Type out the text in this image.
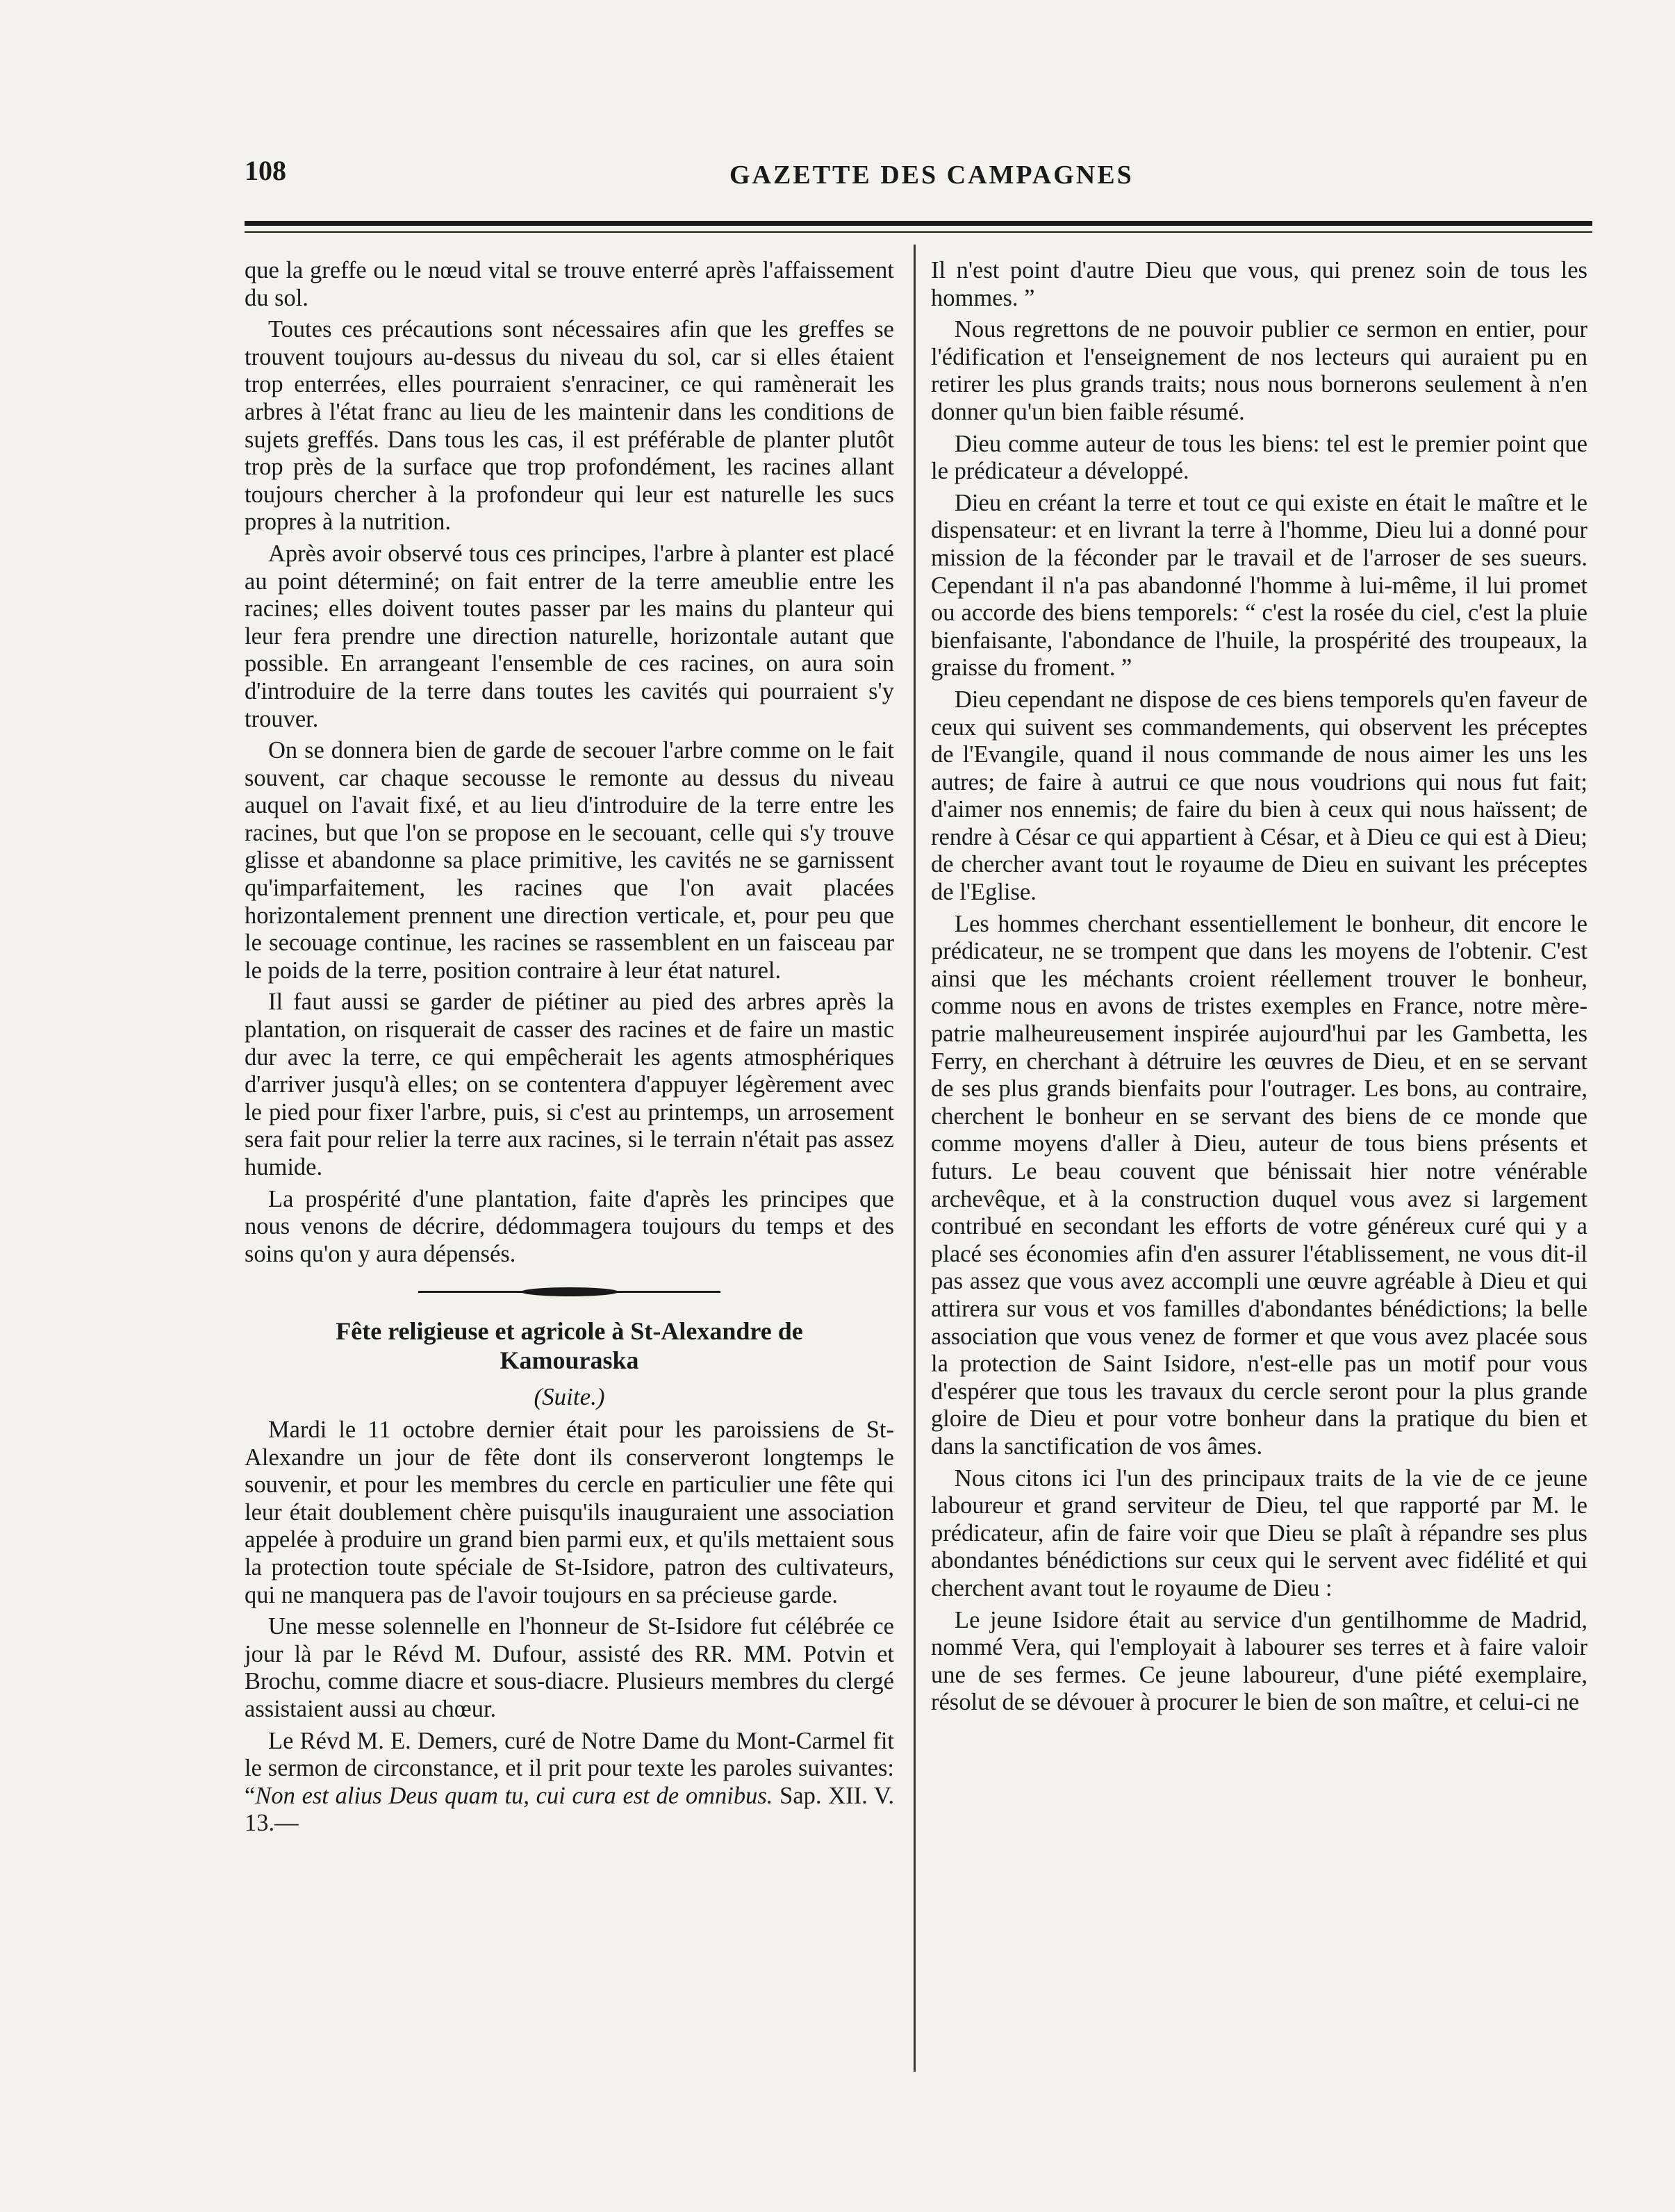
108	GAZETTE DES CAMPAGNES

que la greffe ou le nœud vital se trouve enterré après l'affaissement du sol.

Toutes ces précautions sont nécessaires afin que les greffes se trouvent toujours au-dessus du niveau du sol, car si elles étaient trop enterrées, elles pourraient s'enraciner, ce qui ramènerait les arbres à l'état franc au lieu de les maintenir dans les conditions de sujets greffés. Dans tous les cas, il est préférable de planter plutôt trop près de la surface que trop profondément, les racines allant toujours chercher à la profondeur qui leur est naturelle les sucs propres à la nutrition.

Après avoir observé tous ces principes, l'arbre à planter est placé au point déterminé; on fait entrer de la terre ameublie entre les racines; elles doivent toutes passer par les mains du planteur qui leur fera prendre une direction naturelle, horizontale autant que possible. En arrangeant l'ensemble de ces racines, on aura soin d'introduire de la terre dans toutes les cavités qui pourraient s'y trouver.

On se donnera bien de garde de secouer l'arbre comme on le fait souvent, car chaque secousse le remonte au dessus du niveau auquel on l'avait fixé, et au lieu d'introduire de la terre entre les racines, but que l'on se propose en le secouant, celle qui s'y trouve glisse et abandonne sa place primitive, les cavités ne se garnissent qu'imparfaitement, les racines que l'on avait placées horizontalement prennent une direction verticale, et, pour peu que le secouage continue, les racines se rassemblent en un faisceau par le poids de la terre, position contraire à leur état naturel.

Il faut aussi se garder de piétiner au pied des arbres après la plantation, on risquerait de casser des racines et de faire un mastic dur avec la terre, ce qui empêcherait les agents atmosphériques d'arriver jusqu'à elles; on se contentera d'appuyer légèrement avec le pied pour fixer l'arbre, puis, si c'est au printemps, un arrosement sera fait pour relier la terre aux racines, si le terrain n'était pas assez humide.

La prospérité d'une plantation, faite d'après les principes que nous venons de décrire, dédommagera toujours du temps et des soins qu'on y aura dépensés.

Fête religieuse et agricole à St-Alexandre de Kamouraska
(Suite.)

Mardi le 11 octobre dernier était pour les paroissiens de St-Alexandre un jour de fête dont ils conserveront longtemps le souvenir, et pour les membres du cercle en particulier une fête qui leur était doublement chère puisqu'ils inauguraient une association appelée à produire un grand bien parmi eux, et qu'ils mettaient sous la protection toute spéciale de St-Isidore, patron des cultivateurs, qui ne manquera pas de l'avoir toujours en sa précieuse garde.

Une messe solennelle en l'honneur de St-Isidore fut célébrée ce jour là par le Révd M. Dufour, assisté des RR. MM. Potvin et Brochu, comme diacre et sous-diacre. Plusieurs membres du clergé assistaient aussi au chœur.

Le Révd M. E. Demers, curé de Notre Dame du Mont-Carmel fit le sermon de circonstance, et il prit pour texte les paroles suivantes: “Non est alius Deus quam tu, cui cura est de omnibus. Sap. XII. V. 13.—

Il n'est point d'autre Dieu que vous, qui prenez soin de tous les hommes. ”

Nous regrettons de ne pouvoir publier ce sermon en entier, pour l'édification et l'enseignement de nos lecteurs qui auraient pu en retirer les plus grands traits; nous nous bornerons seulement à n'en donner qu'un bien faible résumé.

Dieu comme auteur de tous les biens: tel est le premier point que le prédicateur a développé.

Dieu en créant la terre et tout ce qui existe en était le maître et le dispensateur: et en livrant la terre à l'homme, Dieu lui a donné pour mission de la féconder par le travail et de l'arroser de ses sueurs. Cependant il n'a pas abandonné l'homme à lui-même, il lui promet ou accorde des biens temporels: “ c'est la rosée du ciel, c'est la pluie bienfaisante, l'abondance de l'huile, la prospérité des troupeaux, la graisse du froment. ”

Dieu cependant ne dispose de ces biens temporels qu'en faveur de ceux qui suivent ses commandements, qui observent les préceptes de l'Evangile, quand il nous commande de nous aimer les uns les autres; de faire à autrui ce que nous voudrions qui nous fut fait; d'aimer nos ennemis; de faire du bien à ceux qui nous haïssent; de rendre à César ce qui appartient à César, et à Dieu ce qui est à Dieu; de chercher avant tout le royaume de Dieu en suivant les préceptes de l'Eglise.

Les hommes cherchant essentiellement le bonheur, dit encore le prédicateur, ne se trompent que dans les moyens de l'obtenir. C'est ainsi que les méchants croient réellement trouver le bonheur, comme nous en avons de tristes exemples en France, notre mère-patrie malheureusement inspirée aujourd'hui par les Gambetta, les Ferry, en cherchant à détruire les œuvres de Dieu, et en se servant de ses plus grands bienfaits pour l'outrager. Les bons, au contraire, cherchent le bonheur en se servant des biens de ce monde que comme moyens d'aller à Dieu, auteur de tous biens présents et futurs. Le beau couvent que bénissait hier notre vénérable archevêque, et à la construction duquel vous avez si largement contribué en secondant les efforts de votre généreux curé qui y a placé ses économies afin d'en assurer l'établissement, ne vous dit-il pas assez que vous avez accompli une œuvre agréable à Dieu et qui attirera sur vous et vos familles d'abondantes bénédictions; la belle association que vous venez de former et que vous avez placée sous la protection de Saint Isidore, n'est-elle pas un motif pour vous d'espérer que tous les travaux du cercle seront pour la plus grande gloire de Dieu et pour votre bonheur dans la pratique du bien et dans la sanctification de vos âmes.

Nous citons ici l'un des principaux traits de la vie de ce jeune laboureur et grand serviteur de Dieu, tel que rapporté par M. le prédicateur, afin de faire voir que Dieu se plaît à répandre ses plus abondantes bénédictions sur ceux qui le servent avec fidélité et qui cherchent avant tout le royaume de Dieu :

Le jeune Isidore était au service d'un gentilhomme de Madrid, nommé Vera, qui l'employait à labourer ses terres et à faire valoir une de ses fermes. Ce jeune laboureur, d'une piété exemplaire, résolut de se dévouer à procurer le bien de son maître, et celui-ci ne
